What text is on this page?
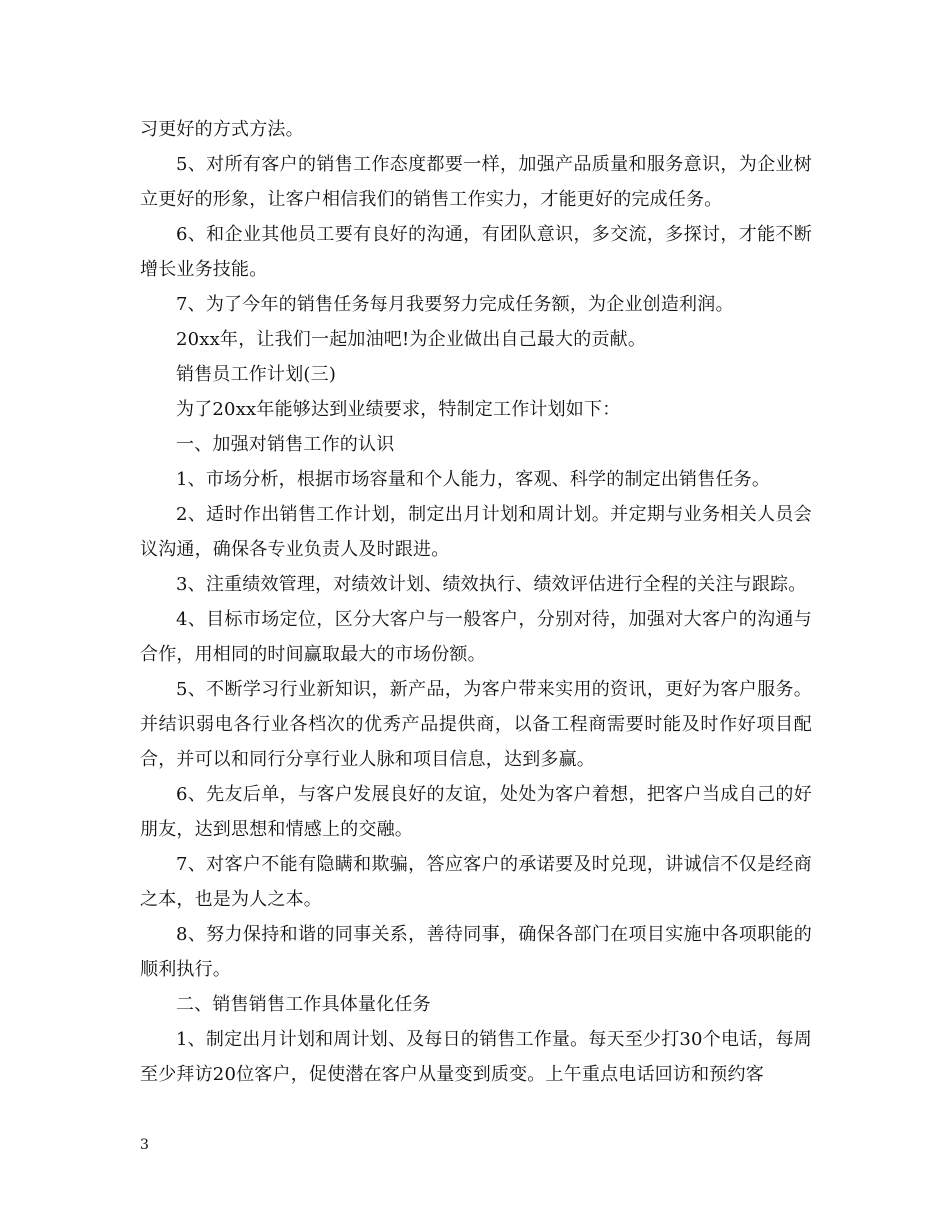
习更好的方式方法。

5、对所有客户的销售工作态度都要一样，加强产品质量和服务意识，为企业树立更好的形象，让客户相信我们的销售工作实力，才能更好的完成任务。

6、和企业其他员工要有良好的沟通，有团队意识，多交流，多探讨，才能不断增长业务技能。

7、为了今年的销售任务每月我要努力完成任务额，为企业创造利润。

20xx年，让我们一起加油吧!为企业做出自己最大的贡献。

销售员工作计划(三)

为了20xx年能够达到业绩要求，特制定工作计划如下：

一、加强对销售工作的认识

1、市场分析，根据市场容量和个人能力，客观、科学的制定出销售任务。

2、适时作出销售工作计划，制定出月计划和周计划。并定期与业务相关人员会议沟通，确保各专业负责人及时跟进。

3、注重绩效管理，对绩效计划、绩效执行、绩效评估进行全程的关注与跟踪。

4、目标市场定位，区分大客户与一般客户，分别对待，加强对大客户的沟通与合作，用相同的时间赢取最大的市场份额。

5、不断学习行业新知识，新产品，为客户带来实用的资讯，更好为客户服务。并结识弱电各行业各档次的优秀产品提供商，以备工程商需要时能及时作好项目配合，并可以和同行分享行业人脉和项目信息，达到多赢。

6、先友后单，与客户发展良好的友谊，处处为客户着想，把客户当成自己的好朋友，达到思想和情感上的交融。

7、对客户不能有隐瞒和欺骗，答应客户的承诺要及时兑现，讲诚信不仅是经商之本，也是为人之本。

8、努力保持和谐的同事关系，善待同事，确保各部门在项目实施中各项职能的顺利执行。

二、销售销售工作具体量化任务

1、制定出月计划和周计划、及每日的销售工作量。每天至少打30个电话，每周至少拜访20位客户，促使潜在客户从量变到质变。上午重点电话回访和预约客

3
